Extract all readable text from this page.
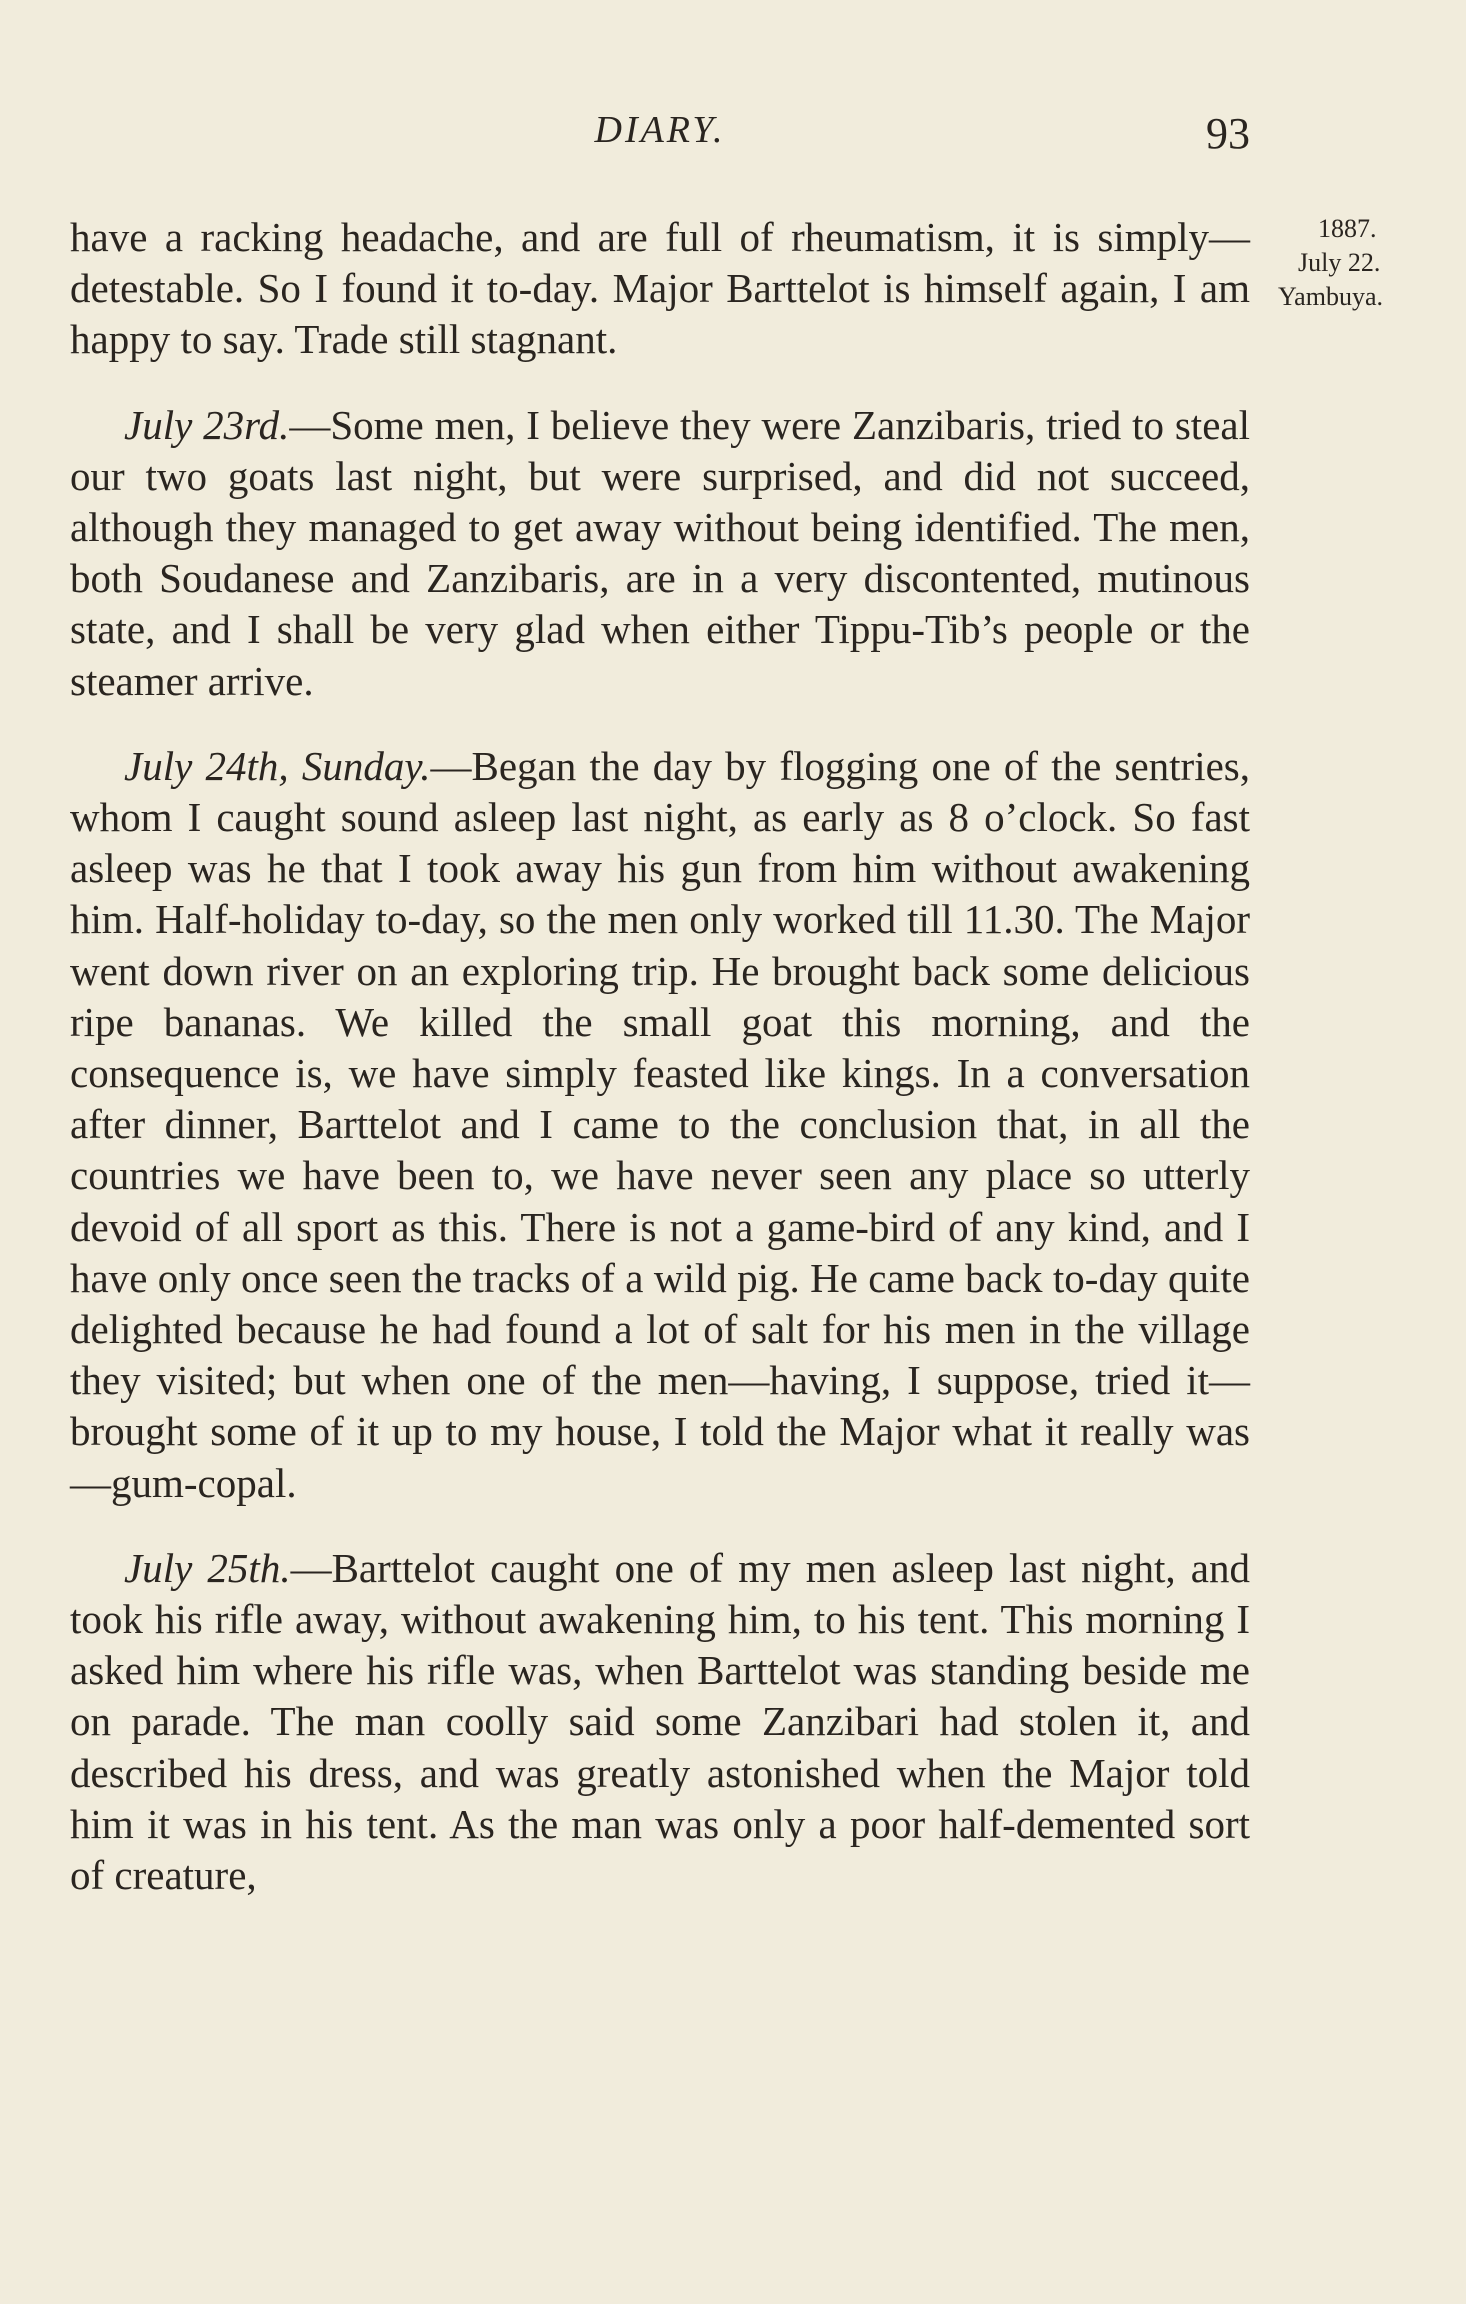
DIARY.	93
1887.
July 22.
Yambuya.

have a racking headache, and are full of rheumatism, it is simply—detestable. So I found it to-day. Major Barttelot is himself again, I am happy to say. Trade still stagnant.

July 23rd.—Some men, I believe they were Zanzibaris, tried to steal our two goats last night, but were surprised, and did not succeed, although they managed to get away without being identified. The men, both Soudanese and Zanzibaris, are in a very discontented, mutinous state, and I shall be very glad when either Tippu-Tib’s people or the steamer arrive.

July 24th, Sunday.—Began the day by flogging one of the sentries, whom I caught sound asleep last night, as early as 8 o’clock. So fast asleep was he that I took away his gun from him without awakening him. Half-holiday to-day, so the men only worked till 11.30. The Major went down river on an exploring trip. He brought back some delicious ripe bananas. We killed the small goat this morning, and the consequence is, we have simply feasted like kings. In a conversation after dinner, Barttelot and I came to the conclusion that, in all the countries we have been to, we have never seen any place so utterly devoid of all sport as this. There is not a game-bird of any kind, and I have only once seen the tracks of a wild pig. He came back to-day quite delighted because he had found a lot of salt for his men in the village they visited; but when one of the men—having, I suppose, tried it—brought some of it up to my house, I told the Major what it really was—gum-copal.

July 25th.—Barttelot caught one of my men asleep last night, and took his rifle away, without awakening him, to his tent. This morning I asked him where his rifle was, when Barttelot was standing beside me on parade. The man coolly said some Zanzibari had stolen it, and described his dress, and was greatly astonished when the Major told him it was in his tent. As the man was only a poor half-demented sort of creature,
